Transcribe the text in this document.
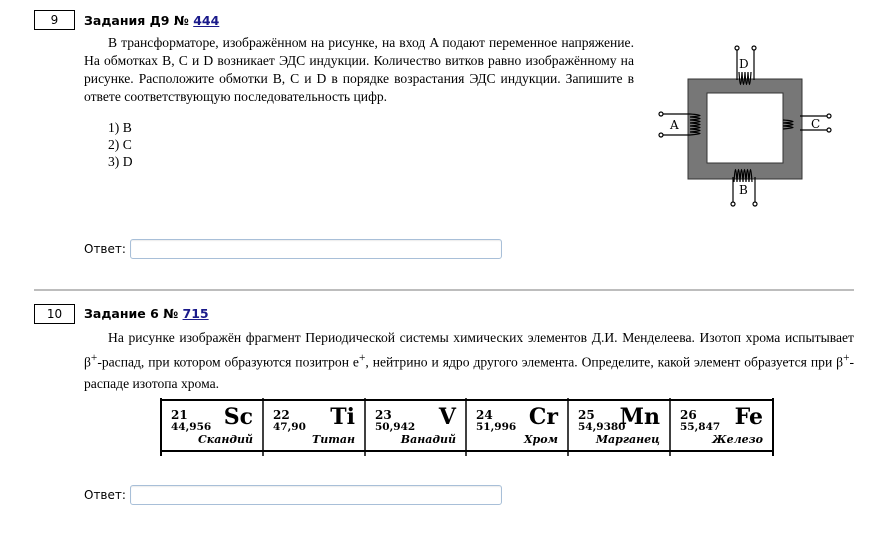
9	Задания Д9 № 444

В трансформаторе, изображённом на рисунке, на вход A подают переменное напряжение. На обмотках B, C и D возникает ЭДС индукции. Количество витков равно изображённому на рисунке. Расположите обмотки B, C и D в порядке возрастания ЭДС индукции. Запишите в ответе соответствующую последовательность цифр.

1) B
2) C
3) D
A	C
D
B
Ответ:
10	Задание 6 № 715

На рисунке изображён фрагмент Периодической системы химических элементов Д.И. Менделеева. Изотоп хрома испытывает β+-распад, при котором образуются позитрон e+, нейтрино и ядро другого элемента. Определите, какой элемент образуется при β+-распаде изотопа хрома.

21
44,956 Sc
Скандий
22
47,90 Ti
Титан
23
50,942 V
Ванадий
24
51,996 Cr
Хром
25
54,9380
Mn
Марганец
26
55,847 Fe
Железо
Ответ:
